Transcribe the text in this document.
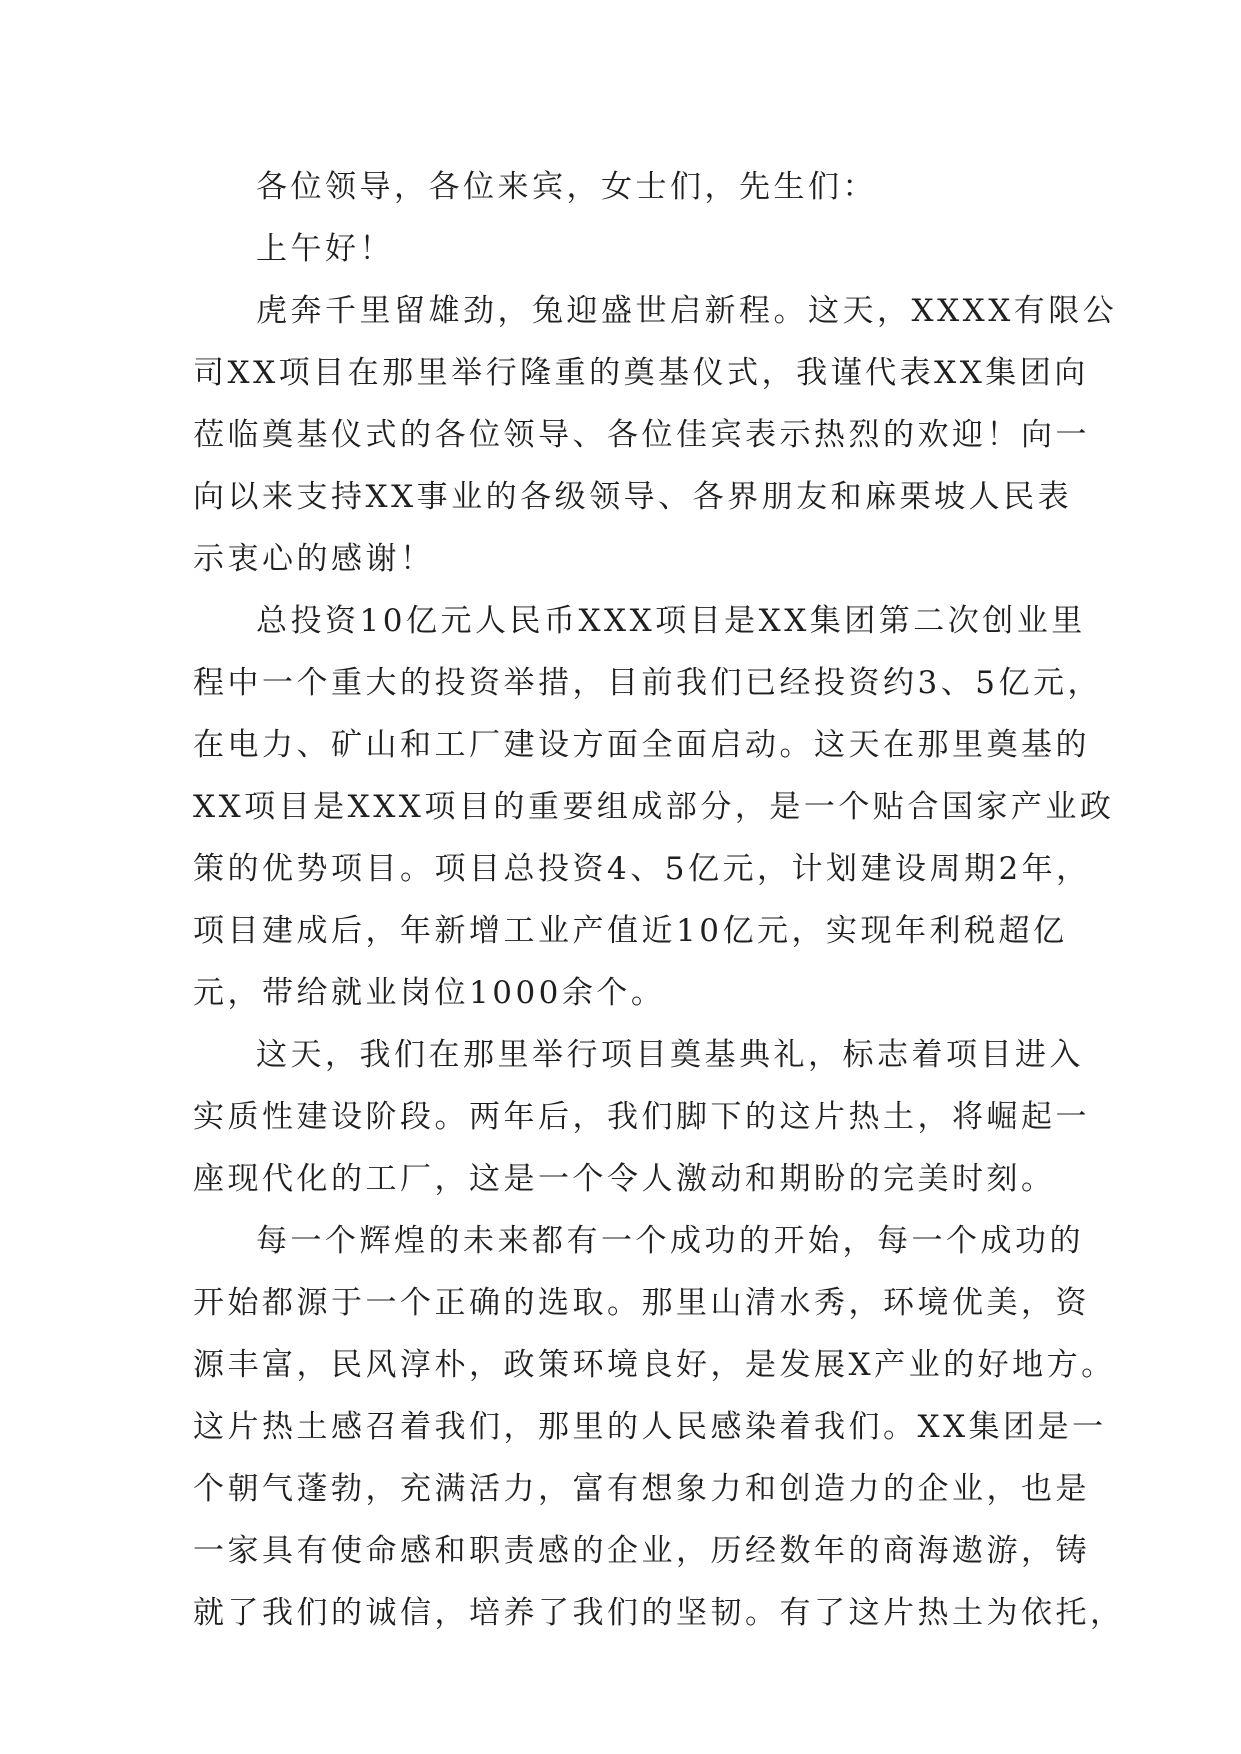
各位领导，各位来宾，女士们，先生们：
上午好！
虎奔千里留雄劲，兔迎盛世启新程。这天，XXXX有限公
司XX项目在那里举行隆重的奠基仪式，我谨代表XX集团向
莅临奠基仪式的各位领导、各位佳宾表示热烈的欢迎！向一
向以来支持XX事业的各级领导、各界朋友和麻栗坡人民表
示衷心的感谢！
总投资10亿元人民币XXX项目是XX集团第二次创业里
程中一个重大的投资举措，目前我们已经投资约3、5亿元，
在电力、矿山和工厂建设方面全面启动。这天在那里奠基的
XX项目是XXX项目的重要组成部分，是一个贴合国家产业政
策的优势项目。项目总投资4、5亿元，计划建设周期2年，
项目建成后，年新增工业产值近10亿元，实现年利税超亿
元，带给就业岗位1000余个。
这天，我们在那里举行项目奠基典礼，标志着项目进入
实质性建设阶段。两年后，我们脚下的这片热土，将崛起一
座现代化的工厂，这是一个令人激动和期盼的完美时刻。
每一个辉煌的未来都有一个成功的开始，每一个成功的
开始都源于一个正确的选取。那里山清水秀，环境优美，资
源丰富，民风淳朴，政策环境良好，是发展X产业的好地方。
这片热土感召着我们，那里的人民感染着我们。XX集团是一
个朝气蓬勃，充满活力，富有想象力和创造力的企业，也是
一家具有使命感和职责感的企业，历经数年的商海遨游，铸
就了我们的诚信，培养了我们的坚韧。有了这片热土为依托，
